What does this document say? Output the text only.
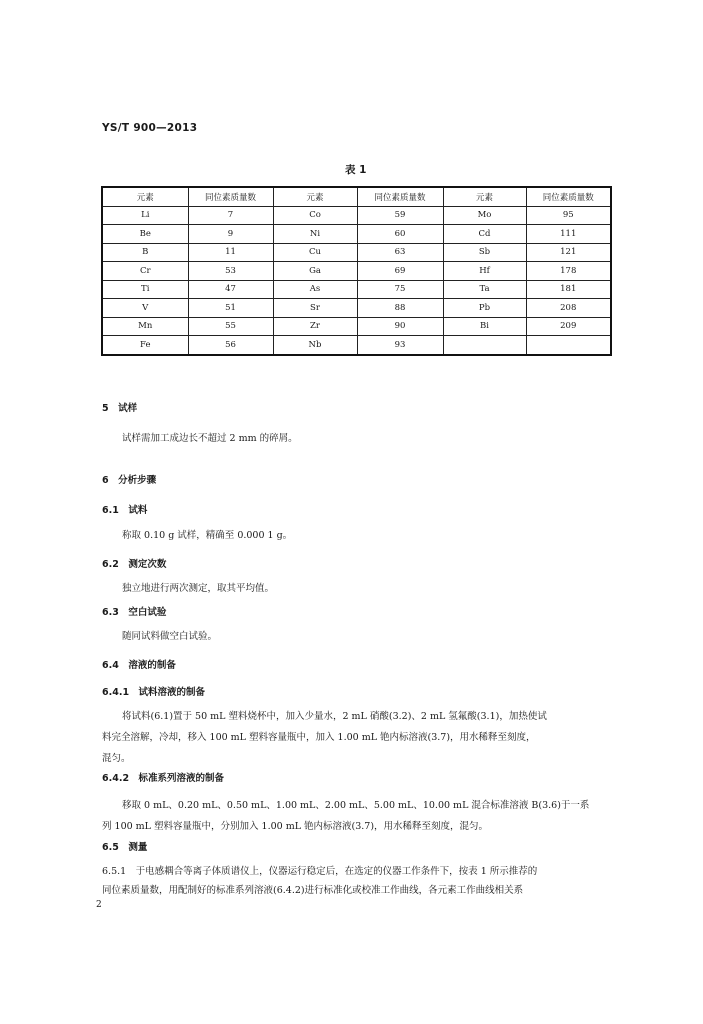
YS/T 900—2013
表 1
元素	同位素质量数	元素	同位素质量数	元素	同位素质量数
Li	7	Co	59	Mo	95
Be	9	Ni	60	Cd	111
B	11	Cu	63	Sb	121
Cr	53	Ga	69	Hf	178
Ti	47	As	75	Ta	181
V	51	Sr	88	Pb	208
Mn	55	Zr	90	Bi	209
Fe	56	Nb	93		
5　试样
试样需加工成边长不超过 2 mm 的碎屑。
6　分析步骤
6.1　试料
称取 0.10 g 试样，精确至 0.000 1 g。
6.2　测定次数
独立地进行两次测定，取其平均值。
6.3　空白试验
随同试料做空白试验。
6.4　溶液的制备
6.4.1　试料溶液的制备
将试料(6.1)置于 50 mL 塑料烧杯中，加入少量水，2 mL 硝酸(3.2)、2 mL 氢氟酸(3.1)，加热使试
料完全溶解，冷却，移入 100 mL 塑料容量瓶中，加入 1.00 mL 铯内标溶液(3.7)，用水稀释至刻度，
混匀。
6.4.2　标准系列溶液的制备
移取 0 mL、0.20 mL、0.50 mL、1.00 mL、2.00 mL、5.00 mL、10.00 mL 混合标准溶液 B(3.6)于一系
列 100 mL 塑料容量瓶中，分别加入 1.00 mL 铯内标溶液(3.7)，用水稀释至刻度，混匀。
6.5　测量
6.5.1　于电感耦合等离子体质谱仪上，仪器运行稳定后，在选定的仪器工作条件下，按表 1 所示推荐的
同位素质量数，用配制好的标准系列溶液(6.4.2)进行标准化或校准工作曲线，各元素工作曲线相关系
2
